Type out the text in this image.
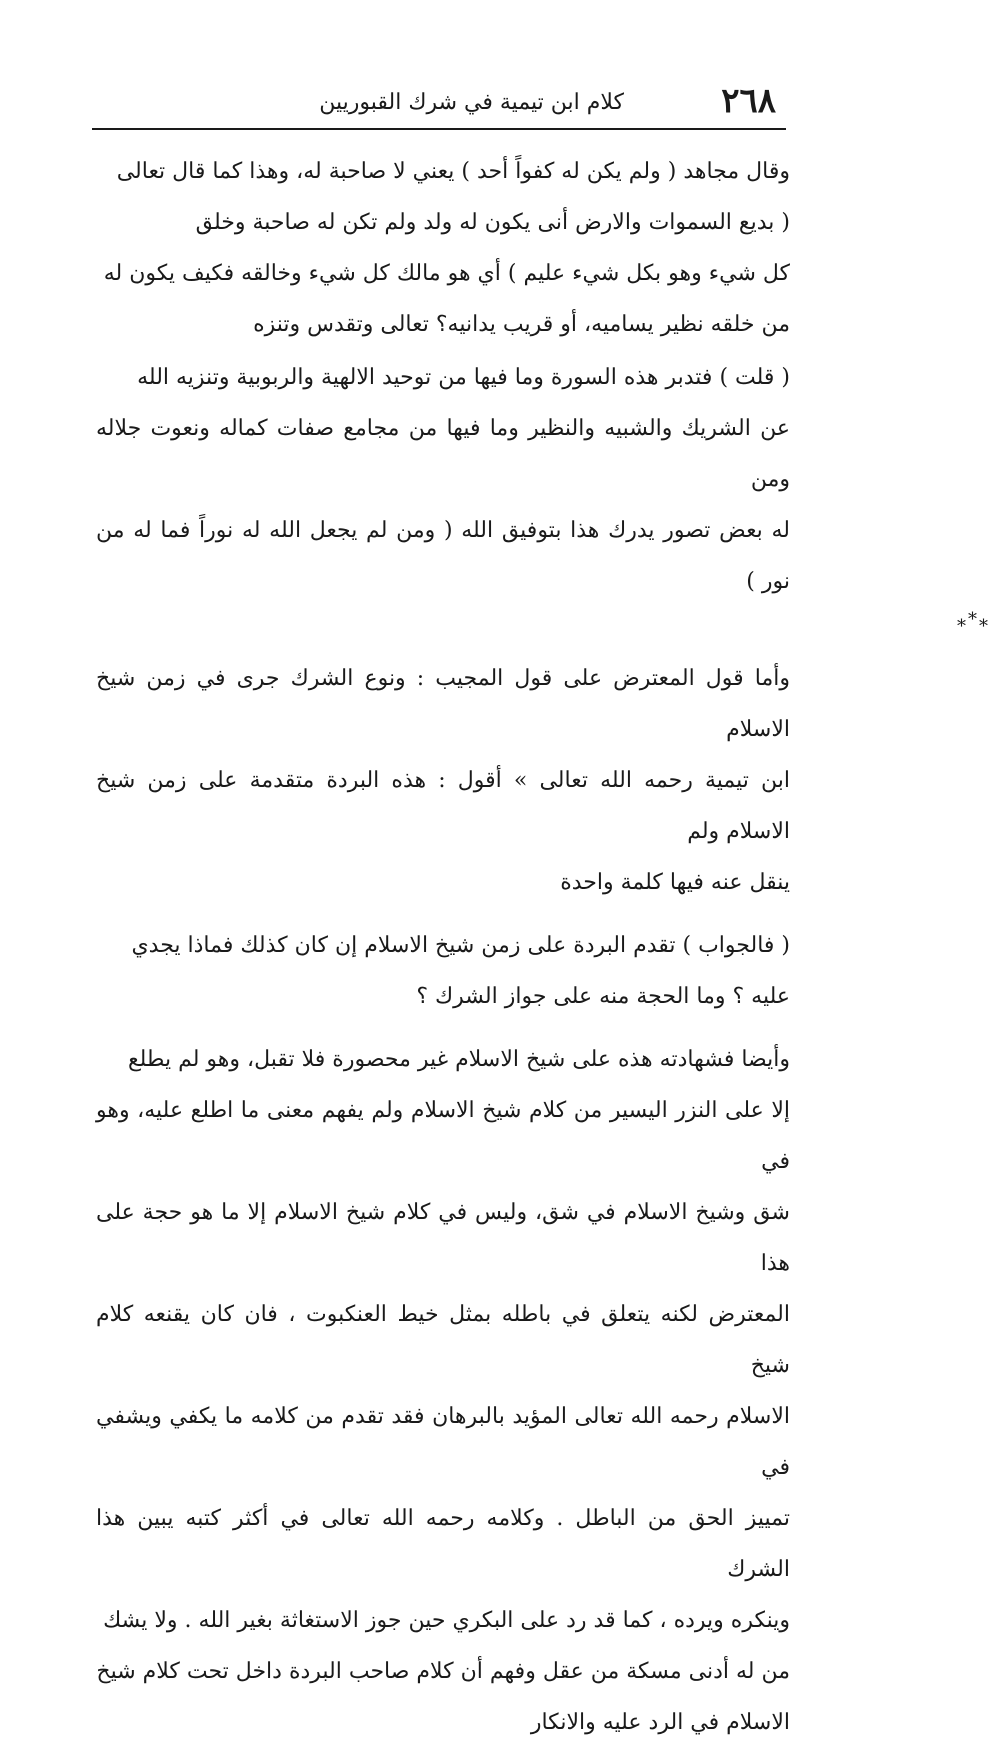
٢٦٨
كلام ابن تيمية في شرك القبوريين

وقال مجاهد ( ولم يكن له كفواً أحد ) يعني لا صاحبة له، وهذا كما قال تعالى
( بديع السموات والارض أنى يكون له ولد ولم تكن له صاحبة وخلق
كل شيء وهو بكل شيء عليم ) أي هو مالك كل شيء وخالقه فكيف يكون له
من خلقه نظير يساميه، أو قريب يدانيه؟ تعالى وتقدس وتنزه

( قلت ) فتدبر هذه السورة وما فيها من توحيد الالهية والربوبية وتنزيه الله
عن الشريك والشبيه والنظير وما فيها من مجامع صفات كماله ونعوت جلاله ومن
له بعض تصور يدرك هذا بتوفيق الله ( ومن لم يجعل الله له نوراً فما له من نور )

***

وأما قول المعترض على قول المجيب : ونوع الشرك جرى في زمن شيخ الاسلام
ابن تيمية رحمه الله تعالى » أقول : هذه البردة متقدمة على زمن شيخ الاسلام ولم
ينقل عنه فيها كلمة واحدة

( فالجواب ) تقدم البردة على زمن شيخ الاسلام إن كان كذلك فماذا يجدي
عليه ؟ وما الحجة منه على جواز الشرك ؟

وأيضا فشهادته هذه على شيخ الاسلام غير محصورة فلا تقبل، وهو لم يطلع
إلا على النزر اليسير من كلام شيخ الاسلام ولم يفهم معنى ما اطلع عليه، وهو في
شق وشيخ الاسلام في شق، وليس في كلام شيخ الاسلام إلا ما هو حجة على هذا
المعترض لكنه يتعلق في باطله بمثل خيط العنكبوت ، فان كان يقنعه كلام شيخ
الاسلام رحمه الله تعالى المؤيد بالبرهان فقد تقدم من كلامه ما يكفي ويشفي في
تمييز الحق من الباطل . وكلامه رحمه الله تعالى في أكثر كتبه يبين هذا الشرك
وينكره ويرده ، كما قد رد على البكري حين جوز الاستغاثة بغير الله . ولا يشك
من له أدنى مسكة من عقل وفهم أن كلام صاحب البردة داخل تحت كلام شيخ
الاسلام في الرد عليه والانكار
